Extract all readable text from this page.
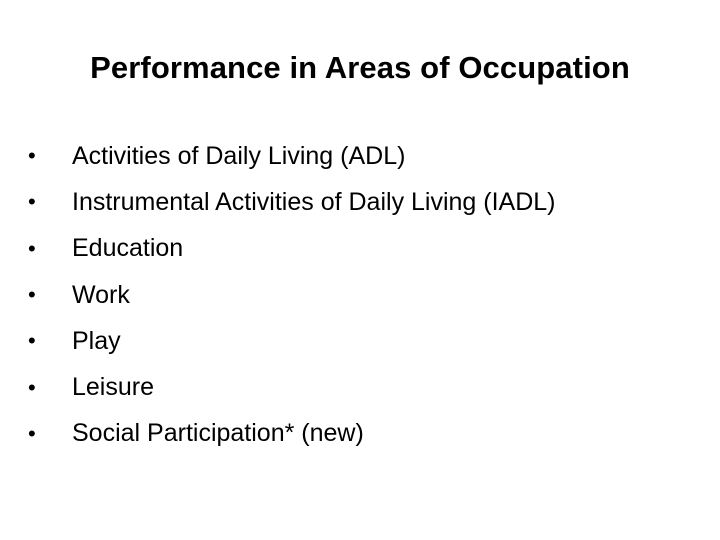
Performance in Areas of Occupation
•	Activities of Daily Living (ADL)
•	Instrumental Activities of Daily Living (IADL)
•	Education
•	Work
•	Play
•	Leisure
•	Social Participation* (new)
